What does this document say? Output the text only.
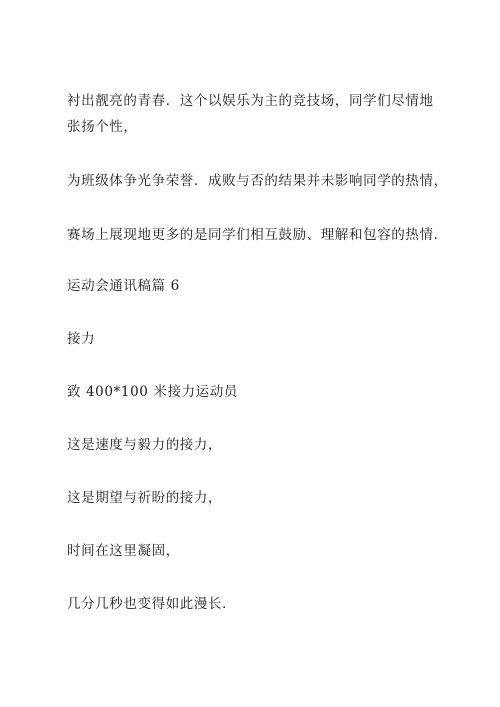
衬出靓亮的青春．这个以娱乐为主的竞技场，同学们尽情地张扬个性，
为班级体争光争荣誉．成败与否的结果并未影响同学的热情，
赛场上展现地更多的是同学们相互鼓励、理解和包容的热情．
运动会通讯稿篇 6
接力
致 400*100 米接力运动员
这是速度与毅力的接力，
这是期望与祈盼的接力，
时间在这里凝固，
几分几秒也变得如此漫长．
